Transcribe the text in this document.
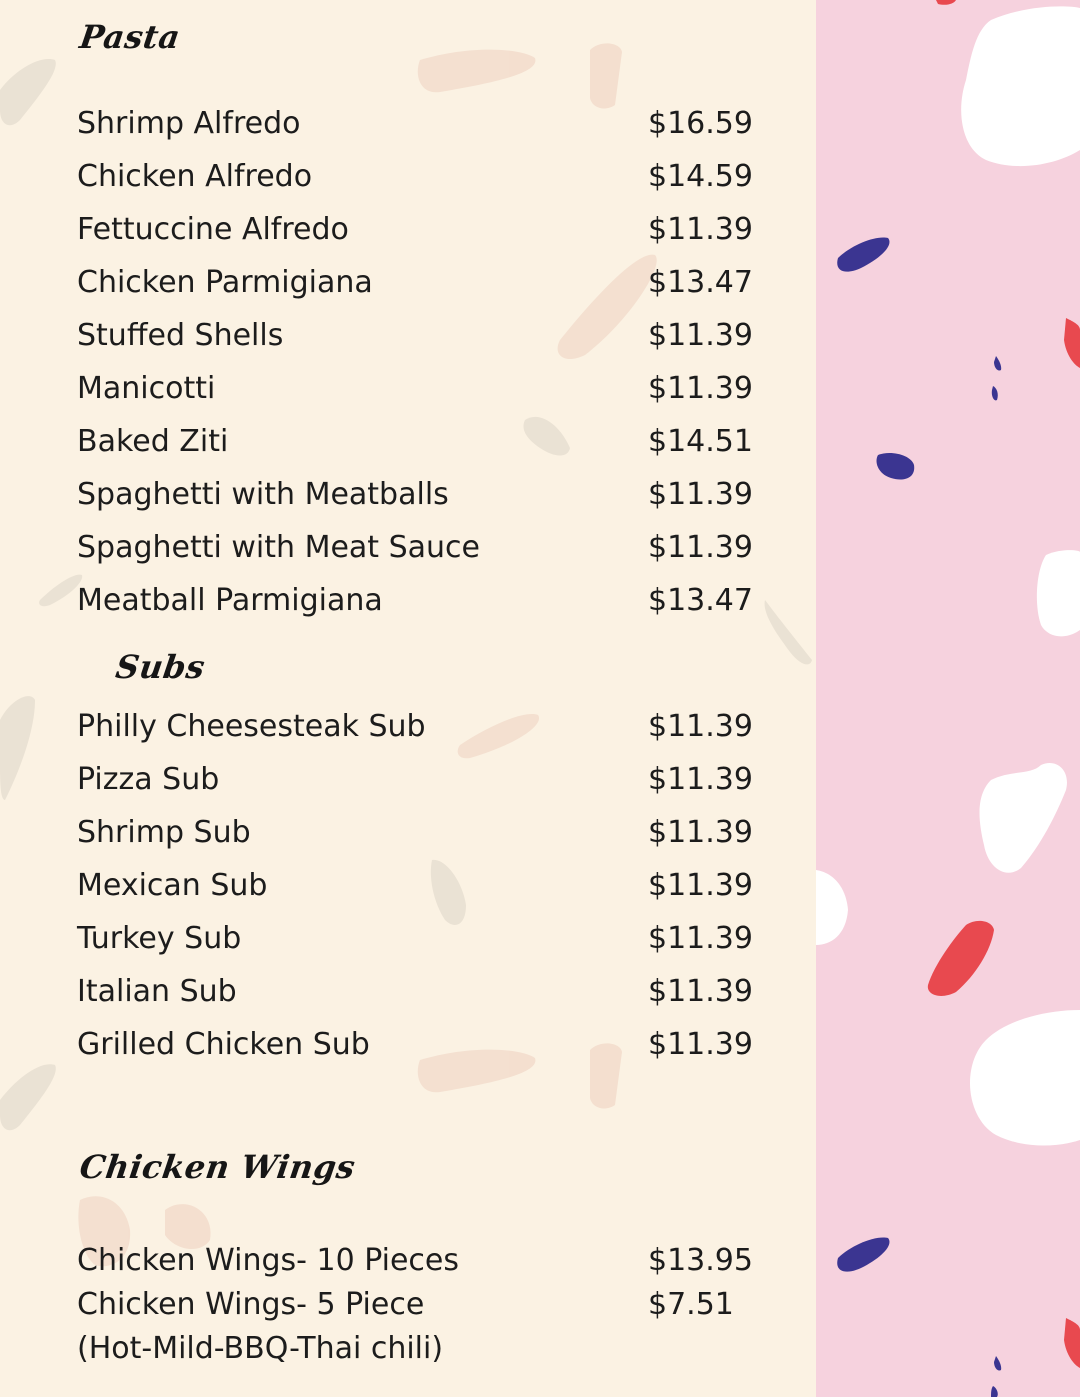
Pasta
Shrimp Alfredo	$16.59
Chicken Alfredo	$14.59
Fettuccine Alfredo	$11.39
Chicken Parmigiana	$13.47
Stuffed Shells	$11.39
Manicotti	$11.39
Baked Ziti	$14.51
Spaghetti with Meatballs	$11.39
Spaghetti with Meat Sauce	$11.39
Meatball Parmigiana	$13.47
Subs
Philly Cheesesteak Sub	$11.39
Pizza Sub	$11.39
Shrimp Sub	$11.39
Mexican Sub	$11.39
Turkey Sub	$11.39
Italian Sub	$11.39
Grilled Chicken Sub	$11.39
Chicken Wings
Chicken Wings- 10 Pieces	$13.95
Chicken Wings- 5 Piece	$7.51
(Hot-Mild-BBQ-Thai chili)
